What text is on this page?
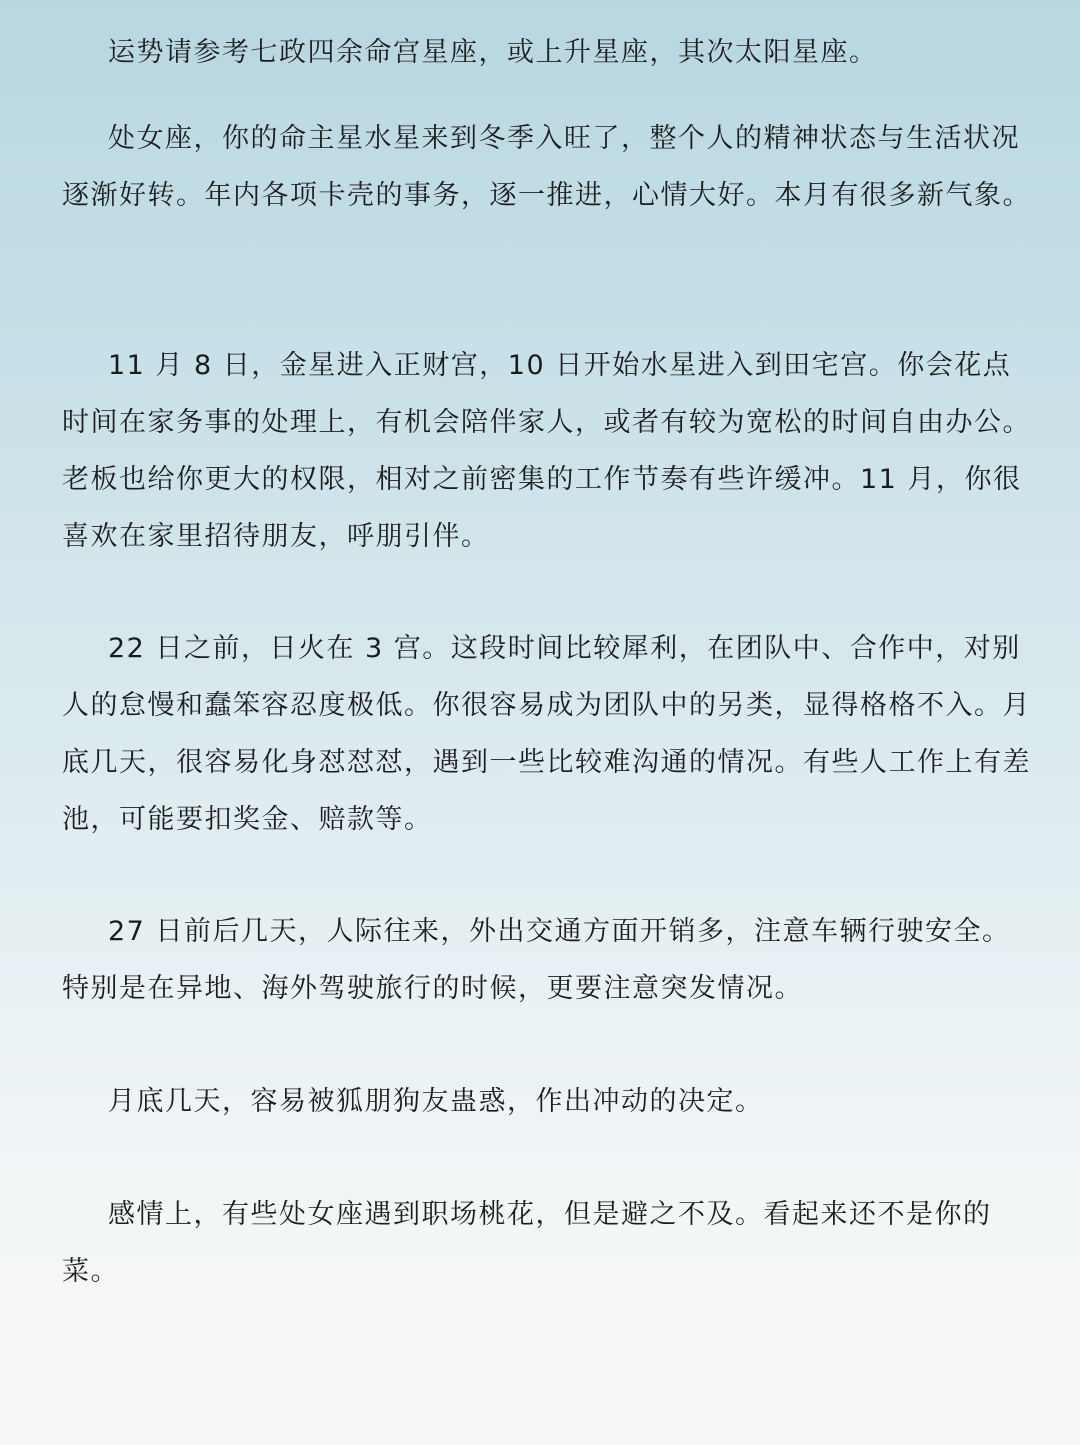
运势请参考七政四余命宫星座，或上升星座，其次太阳星座。

处女座，你的命主星水星来到冬季入旺了，整个人的精神状态与生活状况逐渐好转。年内各项卡壳的事务，逐一推进，心情大好。本月有很多新气象。

11 月 8 日，金星进入正财宫，10 日开始水星进入到田宅宫。你会花点时间在家务事的处理上，有机会陪伴家人，或者有较为宽松的时间自由办公。老板也给你更大的权限，相对之前密集的工作节奏有些许缓冲。11 月，你很喜欢在家里招待朋友，呼朋引伴。

22 日之前，日火在 3 宫。这段时间比较犀利，在团队中、合作中，对别人的怠慢和蠢笨容忍度极低。你很容易成为团队中的另类，显得格格不入。月底几天，很容易化身怼怼怼，遇到一些比较难沟通的情况。有些人工作上有差池，可能要扣奖金、赔款等。

27 日前后几天，人际往来，外出交通方面开销多，注意车辆行驶安全。特别是在异地、海外驾驶旅行的时候，更要注意突发情况。

月底几天，容易被狐朋狗友蛊惑，作出冲动的决定。

感情上，有些处女座遇到职场桃花，但是避之不及。看起来还不是你的菜。
